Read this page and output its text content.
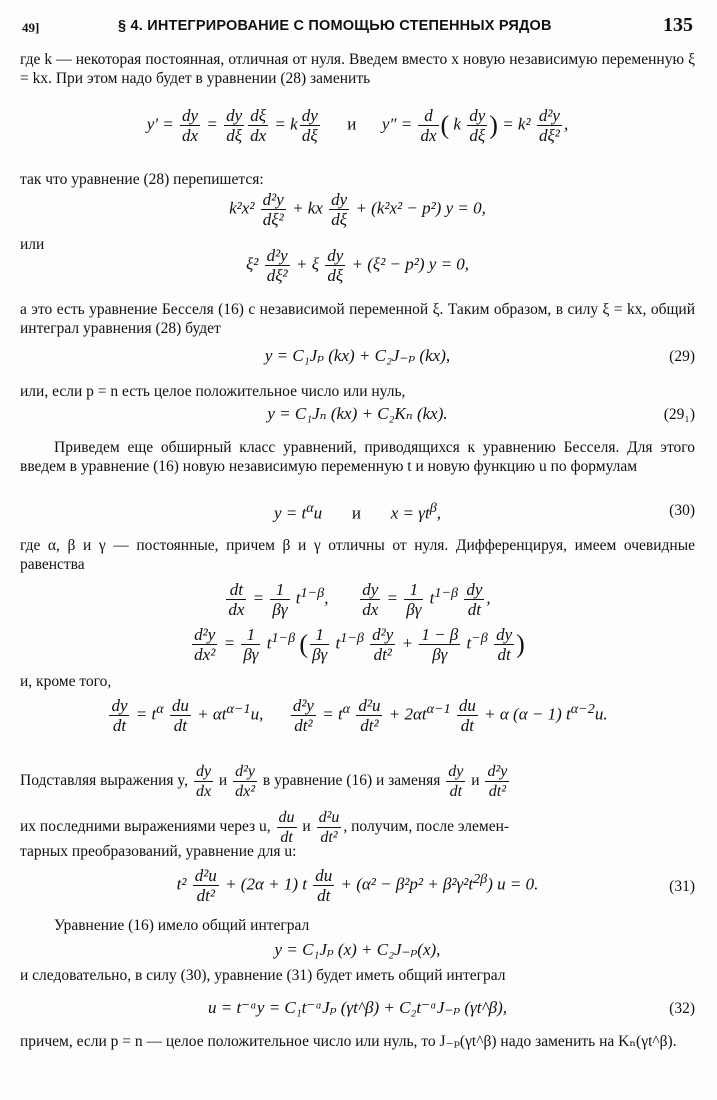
49]	§ 4. ИНТЕГРИРОВАНИЕ С ПОМОЩЬЮ СТЕПЕННЫХ РЯДОВ	135
где k — некоторая постоянная, отличная от нуля. Введем вместо x новую независимую переменную ξ = kx. При этом надо будет в уравнении (28) заменить
$y' = \frac{dy}{dx} = \frac{dy}{d\xi} \frac{d\xi}{dx} = k \frac{dy}{d\xi}$ и      $y'' = \frac{d}{dx}$ ( k $\frac{dy}{d\xi}$ ) = $k^2 \frac{\text{d²y}}{\text{dξ²}}$ ,
так что уравнение (28) перепишется:
$k^2x^2 \frac{\text{d²y}}{\text{dξ²}}$ + kx $\frac{dy}{d\xi} + (k^2x^2 - p^2) y = 0$,
или
$\xi^2 \frac{\text{d²y}}{\text{dξ²}} + \xi \frac{dy}{d\xi} + (\xi^2 - p^2) y = 0$,
а это есть уравнение Бесселя (16) с независимой переменной ξ. Таким образом, в силу ξ = kx, общий интеграл уравнения (28) будет
y = C₁Jₚ (kx) + C₂J₋ₚ (kx),	(29)
или, если p = n есть целое положительное число или нуль,
y = C₁Jₙ (kx) + C₂Kₙ (kx).	(29₁)
Приведем еще обширный класс уравнений, приводящихся к уравнению Бесселя. Для этого введем в уравнение (16) новую независимую переменную t и новую функцию u по формулам
$y = t^\alpha u$       и       $x = \gamma t^\beta$,	(30)
где α, β и γ — постоянные, причем β и γ отличны от нуля. Дифференцируя, имеем очевидные равенства
$\frac{dt}{dx} = \frac{1}{\beta\gamma} t^{1-\beta}$, $\frac{dy}{dx} = \frac{1}{\beta\gamma} t^{1-\beta} \frac{dy}{dt}$ ,
$\frac{\text{d²y}}{\text{dx²}} = \frac{1}{\beta\gamma} t^{1-\beta}$ ( $\frac{1}{\beta\gamma} t^{1-\beta} \frac{\text{d²y}}{\text{dt²}} + \frac{1 - \beta}{\beta\gamma} t^{-\beta} \frac{dy}{dt}$ )
и, кроме того,
$\frac{dy}{dt} = t^\alpha \frac{du}{dt} + \alpha t^{\alpha-1}u$, $\frac{\text{d²y}}{\text{dt²}} = t^\alpha \frac{\text{d²u}}{\text{dt²}} + 2\alpha t^{\alpha-1} \frac{du}{dt} + \alpha$ (α − 1) $t^{\alpha-2}u$.
Подставляя выражения y, $\frac{dy}{dx}$ и $\frac{\text{d²y}}{\text{dx²}}$ в уравнение (16) и заменяя $\frac{dy}{dt}$ и $\frac{\text{d²y}}{\text{dt²}}$
их последними выражениями через u, $\frac{du}{dt}$ и $\frac{\text{d²u}}{\text{dt²}}$ , получим, после элемен-
тарных преобразований, уравнение для u:
$t^2 \frac{\text{d²u}}{\text{dt²}} + (2\alpha + 1)$ t $\frac{du}{dt} + (\alpha^2 - \beta^2p^2 + \beta^2\gamma^2t^{2\beta}) u = 0$.	(31)
Уравнение (16) имело общий интеграл
y = C₁Jₚ (x) + C₂J₋ₚ(x),
и следовательно, в силу (30), уравнение (31) будет иметь общий интеграл
u = t⁻ᵅy = C₁t⁻ᵅJₚ (γt^β) + C₂t⁻ᵅJ₋ₚ (γt^β),	(32)
причем, если p = n — целое положительное число или нуль, то J₋ₚ(γt^β) надо заменить на Kₙ(γt^β).
